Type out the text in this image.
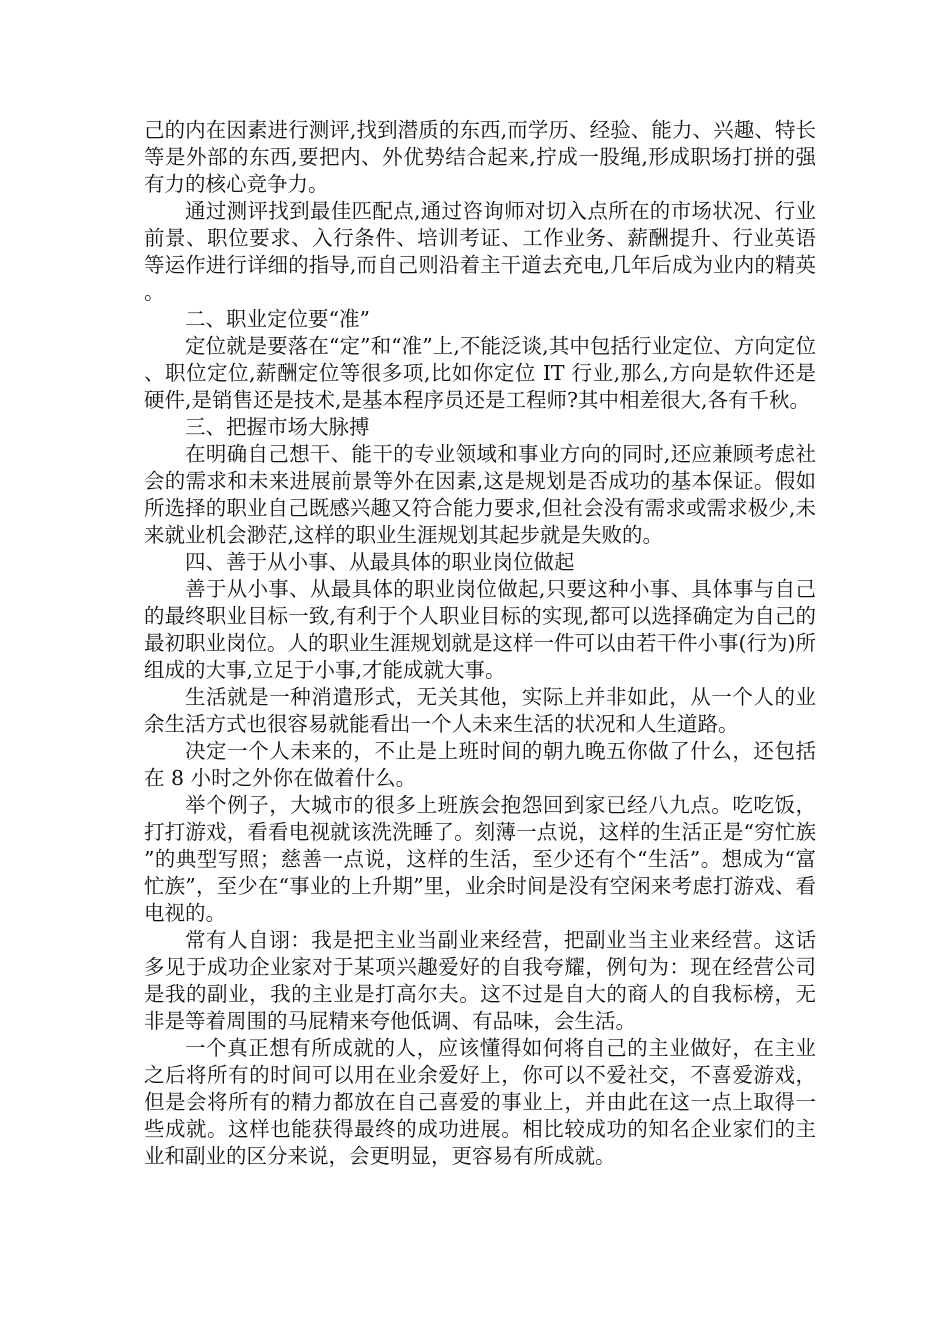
己的内在因素进行测评,找到潜质的东西,而学历、经验、能力、兴趣、特长等是外部的东西,要把内、外优势结合起来,拧成一股绳,形成职场打拼的强有力的核心竞争力。

通过测评找到最佳匹配点,通过咨询师对切入点所在的市场状况、行业前景、职位要求、入行条件、培训考证、工作业务、薪酬提升、行业英语等运作进行详细的指导,而自己则沿着主干道去充电,几年后成为业内的精英。

二、职业定位要“准”

定位就是要落在“定”和“准”上,不能泛谈,其中包括行业定位、方向定位、职位定位,薪酬定位等很多项,比如你定位 IT 行业,那么,方向是软件还是硬件,是销售还是技术,是基本程序员还是工程师?其中相差很大,各有千秋。

三、把握市场大脉搏

在明确自己想干、能干的专业领域和事业方向的同时,还应兼顾考虑社会的需求和未来进展前景等外在因素,这是规划是否成功的基本保证。假如所选择的职业自己既感兴趣又符合能力要求,但社会没有需求或需求极少,未来就业机会渺茫,这样的职业生涯规划其起步就是失败的。

四、善于从小事、从最具体的职业岗位做起

善于从小事、从最具体的职业岗位做起,只要这种小事、具体事与自己的最终职业目标一致,有利于个人职业目标的实现,都可以选择确定为自己的最初职业岗位。人的职业生涯规划就是这样一件可以由若干件小事(行为)所组成的大事,立足于小事,才能成就大事。

生活就是一种消遣形式，无关其他，实际上并非如此，从一个人的业余生活方式也很容易就能看出一个人未来生活的状况和人生道路。

决定一个人未来的，不止是上班时间的朝九晚五你做了什么，还包括在 8 小时之外你在做着什么。

举个例子，大城市的很多上班族会抱怨回到家已经八九点。吃吃饭，打打游戏，看看电视就该洗洗睡了。刻薄一点说，这样的生活正是“穷忙族”的典型写照；慈善一点说，这样的生活，至少还有个“生活”。想成为“富忙族”，至少在“事业的上升期”里，业余时间是没有空闲来考虑打游戏、看电视的。

常有人自诩：我是把主业当副业来经营，把副业当主业来经营。这话多见于成功企业家对于某项兴趣爱好的自我夸耀，例句为：现在经营公司是我的副业，我的主业是打高尔夫。这不过是自大的商人的自我标榜，无非是等着周围的马屁精来夸他低调、有品味，会生活。

一个真正想有所成就的人，应该懂得如何将自己的主业做好，在主业之后将所有的时间可以用在业余爱好上，你可以不爱社交，不喜爱游戏，但是会将所有的精力都放在自己喜爱的事业上，并由此在这一点上取得一些成就。这样也能获得最终的成功进展。相比较成功的知名企业家们的主业和副业的区分来说，会更明显，更容易有所成就。
